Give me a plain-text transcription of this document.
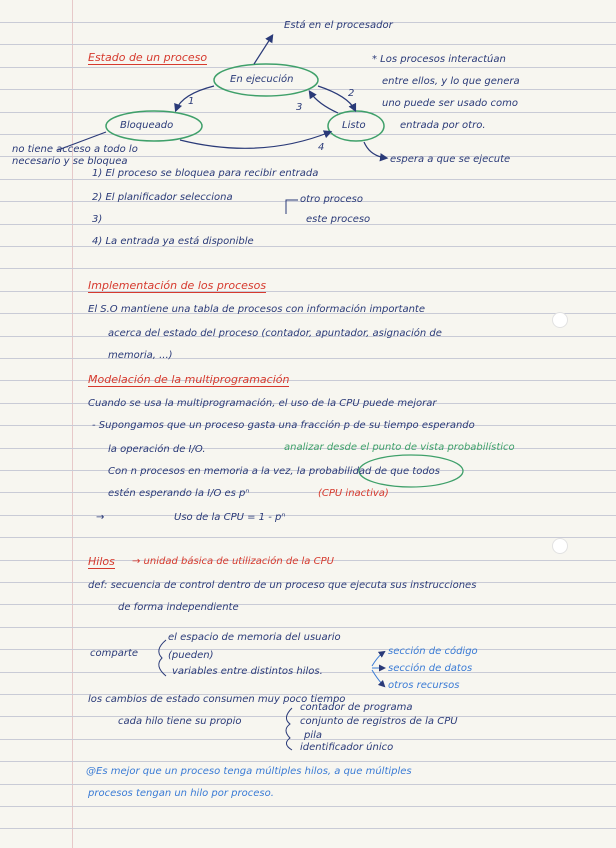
Está en el procesador
Estado de un proceso
En ejecución
Bloqueado	Listo
1
2
3
4
no tiene acceso a todo lo
necesario y se bloquea	espera a que se ejecute
* Los procesos interactúan
entre ellos, y lo que genera
uno puede ser usado como
entrada por otro.
1) El proceso se bloquea para recibir entrada
2) El planificador selecciona	otro proceso
este proceso
3)
4) La entrada ya está disponible
Implementación de los procesos
El S.O mantiene una tabla de procesos con información importante
acerca del estado del proceso (contador, apuntador, asignación de
memoria, ...)
Modelación de la multiprogramación
Cuando se usa la multiprogramación, el uso de la CPU puede mejorar
- Supongamos que un proceso gasta una fracción p de su tiempo esperando
la operación de I/O.	analizar desde el punto de vista probabilístico
Con n procesos en memoria a la vez, la probabilidad de que todos
estén esperando la I/O es pⁿ	(CPU inactiva)
→	Uso de la CPU = 1 - pⁿ
Hilos → unidad básica de utilización de la CPU
def: secuencia de control dentro de un proceso que ejecuta sus instrucciones
de forma independiente
comparte
el espacio de memoria del usuario
(pueden)
variables entre distintos hilos.
sección de código
sección de datos
otros recursos
los cambios de estado consumen muy poco tiempo
cada hilo tiene su propio
contador de programa
conjunto de registros de la CPU
pila
identificador único
@Es mejor que un proceso tenga múltiples hilos, a que múltiples
procesos tengan un hilo por proceso.
